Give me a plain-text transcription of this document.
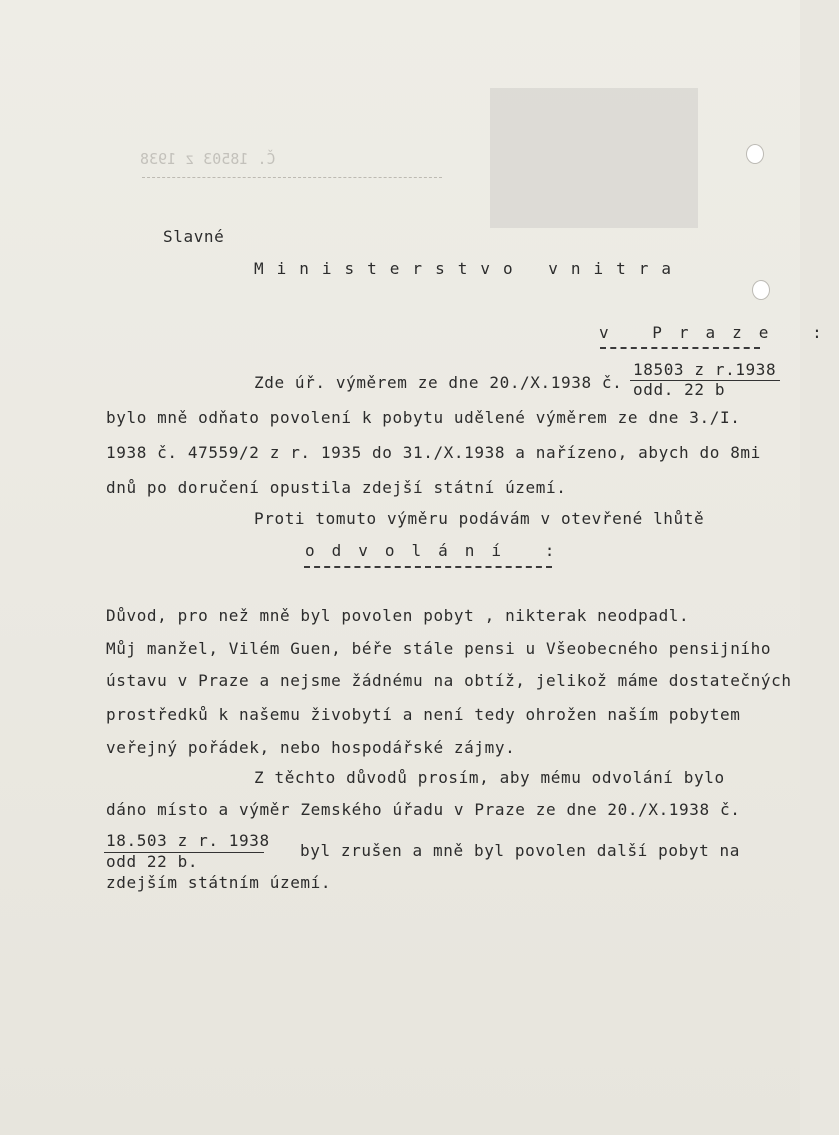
Č. 18503 z 1938
Slavné
Ministerstvo vnitra
v Praze :
18503 z r.1938
odd. 22 b
Zde úř. výměrem ze dne 20./X.1938 č.
bylo mně odňato povolení k pobytu udělené výměrem ze dne 3./I.
1938 č. 47559/2 z r. 1935 do 31./X.1938 a nařízeno, abych do 8mi
dnů po doručení opustila zdejší státní území.
Proti tomuto výměru podávám v otevřené lhůtě
odvolání :
Důvod, pro než mně byl povolen pobyt , nikterak neodpadl.
Můj manžel, Vilém Guen, béře stále pensi u Všeobecného pensijního
ústavu v Praze a nejsme žádnému na obtíž, jelikož máme dostatečných
prostředků k našemu živobytí a není tedy ohrožen naším pobytem
veřejný pořádek, nebo hospodářské zájmy.
Z těchto důvodů prosím, aby mému odvolání bylo
dáno místo a výměr Zemského úřadu v Praze ze dne 20./X.1938 č.
18.503 z r. 1938
odd 22 b.
byl zrušen a mně byl povolen další pobyt na
zdejším státním území.
